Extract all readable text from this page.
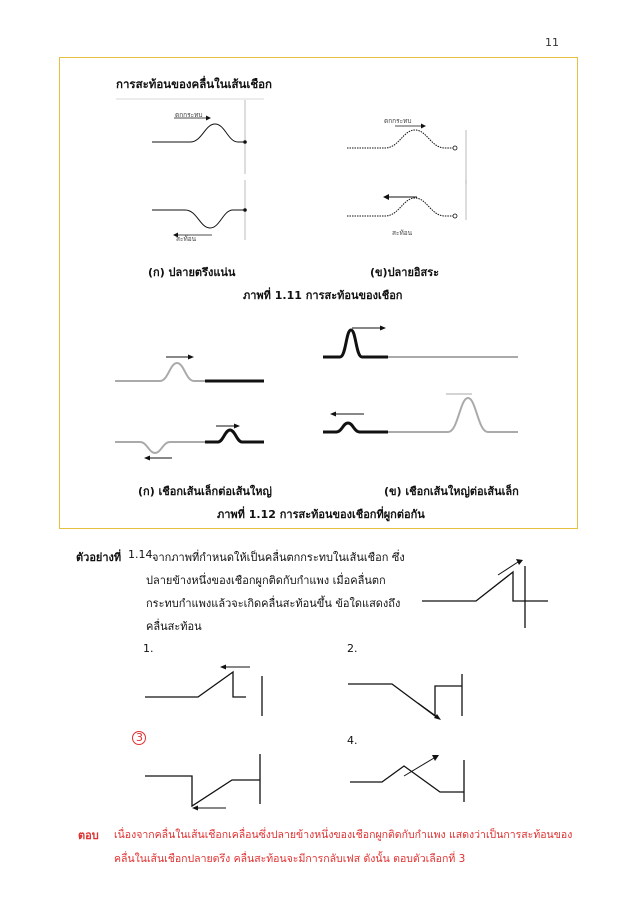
11
การสะท้อนของคลื่นในเส้นเชือก
ตกกระทบ
สะท้อน
ตกกระทบ
สะท้อน
(ก) ปลายตรึงแน่น	(ข)ปลายอิสระ
ภาพที่ 1.11 การสะท้อนของเชือก
(ก) เชือกเส้นเล็กต่อเส้นใหญ่	(ข) เชือกเส้นใหญ่ต่อเส้นเล็ก
ภาพที่ 1.12 การสะท้อนของเชือกที่ผูกต่อกัน
ตัวอย่างที่ 1.14 จากภาพที่กำหนดให้เป็นคลื่นตกกระทบในเส้นเชือก ซึ่ง
ปลายข้างหนึ่งของเชือกผูกติดกับกำแพง เมื่อคลื่นตก
กระทบกำแพงแล้วจะเกิดคลื่นสะท้อนขึ้น ข้อใดแสดงถึง
คลื่นสะท้อน
1.	2.
3	4.
ตอบ เนื่องจากคลื่นในเส้นเชือกเคลื่อนซึ่งปลายข้างหนึ่งของเชือกผูกติดกับกำแพง แสดงว่าเป็นการสะท้อนของ
คลื่นในเส้นเชือกปลายตรึง คลื่นสะท้อนจะมีการกลับเฟส ดังนั้น ตอบตัวเลือกที่ 3
